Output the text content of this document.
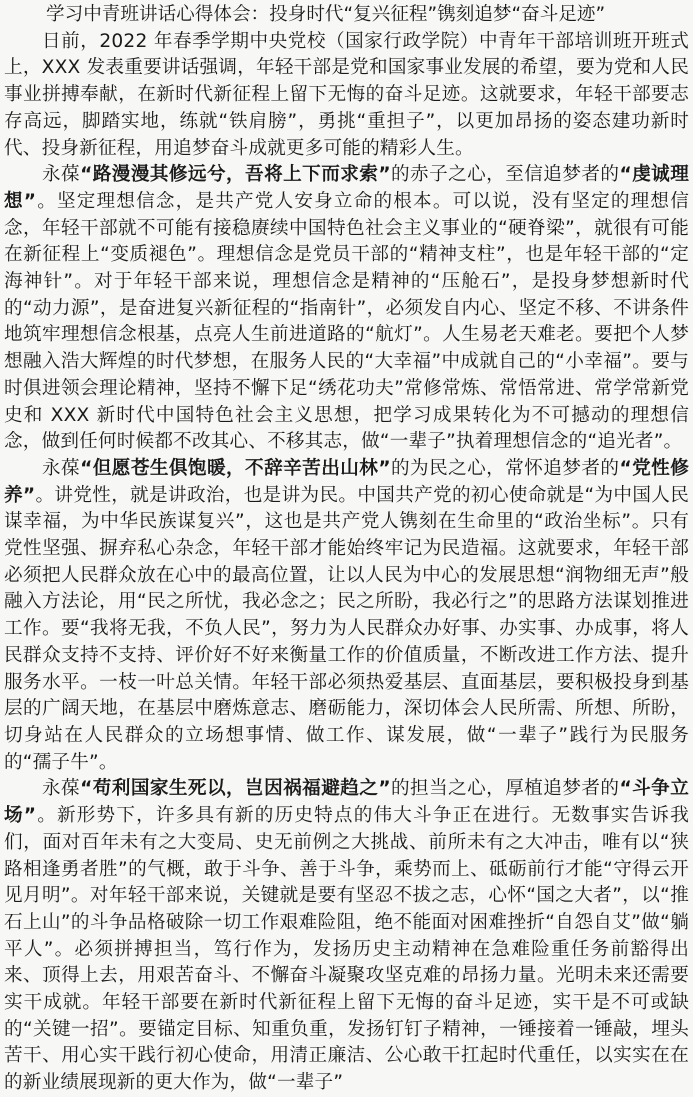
学习中青班讲话心得体会：投身时代“复兴征程”镌刻追梦“奋斗足迹”

日前，2022 年春季学期中央党校（国家行政学院）中青年干部培训班开班式上，XXX 发表重要讲话强调，年轻干部是党和国家事业发展的希望，要为党和人民事业拼搏奉献，在新时代新征程上留下无悔的奋斗足迹。这就要求，年轻干部要志存高远，脚踏实地，练就“铁肩膀”，勇挑“重担子”，以更加昂扬的姿态建功新时代、投身新征程，用追梦奋斗成就更多可能的精彩人生。

永葆“路漫漫其修远兮，吾将上下而求索”的赤子之心，至信追梦者的“虔诚理想”。坚定理想信念，是共产党人安身立命的根本。可以说，没有坚定的理想信念，年轻干部就不可能有接稳赓续中国特色社会主义事业的“硬脊梁”，就很有可能在新征程上“变质褪色”。理想信念是党员干部的“精神支柱”，也是年轻干部的“定海神针”。对于年轻干部来说，理想信念是精神的“压舱石”，是投身梦想新时代的“动力源”，是奋进复兴新征程的“指南针”，必须发自内心、坚定不移、不讲条件地筑牢理想信念根基，点亮人生前进道路的“航灯”。人生易老天难老。要把个人梦想融入浩大辉煌的时代梦想，在服务人民的“大幸福”中成就自己的“小幸福”。要与时俱进领会理论精神，坚持不懈下足“绣花功夫”常修常炼、常悟常进、常学常新党史和 XXX 新时代中国特色社会主义思想，把学习成果转化为不可撼动的理想信念，做到任何时候都不改其心、不移其志，做“一辈子”执着理想信念的“追光者”。

永葆“但愿苍生俱饱暖，不辞辛苦出山林”的为民之心，常怀追梦者的“党性修养”。讲党性，就是讲政治，也是讲为民。中国共产党的初心使命就是“为中国人民谋幸福，为中华民族谋复兴”，这也是共产党人镌刻在生命里的“政治坐标”。只有党性坚强、摒弃私心杂念，年轻干部才能始终牢记为民造福。这就要求，年轻干部必须把人民群众放在心中的最高位置，让以人民为中心的发展思想“润物细无声”般融入方法论，用“民之所忧，我必念之；民之所盼，我必行之”的思路方法谋划推进工作。要“我将无我，不负人民”，努力为人民群众办好事、办实事、办成事，将人民群众支持不支持、评价好不好来衡量工作的价值质量，不断改进工作方法、提升服务水平。一枝一叶总关情。年轻干部必须热爱基层、直面基层，要积极投身到基层的广阔天地，在基层中磨炼意志、磨砺能力，深切体会人民所需、所想、所盼，切身站在人民群众的立场想事情、做工作、谋发展，做“一辈子”践行为民服务的“孺子牛”。

永葆“苟利国家生死以，岂因祸福避趋之”的担当之心，厚植追梦者的“斗争立场”。新形势下，许多具有新的历史特点的伟大斗争正在进行。无数事实告诉我们，面对百年未有之大变局、史无前例之大挑战、前所未有之大冲击，唯有以“狭路相逢勇者胜”的气概，敢于斗争、善于斗争，乘势而上、砥砺前行才能“守得云开见月明”。对年轻干部来说，关键就是要有坚忍不拔之志，心怀“国之大者”，以“推石上山”的斗争品格破除一切工作艰难险阻，绝不能面对困难挫折“自怨自艾”做“躺平人”。必须拼搏担当，笃行作为，发扬历史主动精神在急难险重任务前豁得出来、顶得上去，用艰苦奋斗、不懈奋斗凝聚攻坚克难的昂扬力量。光明未来还需要实干成就。年轻干部要在新时代新征程上留下无悔的奋斗足迹，实干是不可或缺的“关键一招”。要锚定目标、知重负重，发扬钉钉子精神，一锤接着一锤敲，埋头苦干、用心实干践行初心使命，用清正廉洁、公心敢干扛起时代重任，以实实在在的新业绩展现新的更大作为，做“一辈子”
